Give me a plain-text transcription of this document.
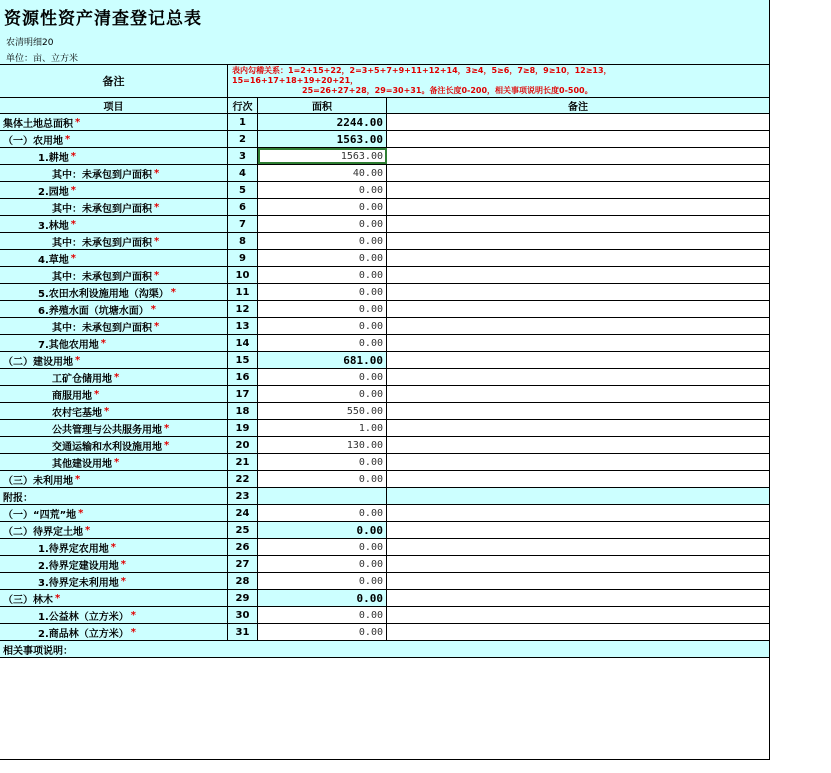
资源性资产清查登记总表
农清明细20
单位：亩、立方米
备注
表内勾稽关系：1=2+15+22，2=3+5+7+9+11+12+14，3≥4，5≥6，7≥8，9≥10，12≥13，
15=16+17+18+19+20+21，
25=26+27+28，29=30+31。备注长度0-200，相关事项说明长度0-500。
项目	行次	面积	备注
集体土地总面积 *	1	2244.00
（一）农用地 *	2	1563.00
1.耕地 *	3	1563.00
其中：未承包到户面积 *	4	40.00
2.园地 *	5	0.00
其中：未承包到户面积 *	6	0.00
3.林地 *	7	0.00
其中：未承包到户面积 *	8	0.00
4.草地 *	9	0.00
其中：未承包到户面积 *	10	0.00
5.农田水利设施用地（沟渠） *	11	0.00
6.养殖水面（坑塘水面） *	12	0.00
其中：未承包到户面积 *	13	0.00
7.其他农用地 *	14	0.00
（二）建设用地 *	15	681.00
工矿仓储用地 *	16	0.00
商服用地 *	17	0.00
农村宅基地 *	18	550.00
公共管理与公共服务用地 *	19	1.00
交通运输和水利设施用地 *	20	130.00
其他建设用地 *	21	0.00
（三）未利用地 *	22	0.00
附报：	23
（一）“四荒”地 *	24	0.00
（二）待界定土地 *	25	0.00
1.待界定农用地 *	26	0.00
2.待界定建设用地 *	27	0.00
3.待界定未利用地 *	28	0.00
（三）林木 *	29	0.00
1.公益林（立方米） *	30	0.00
2.商品林（立方米） *	31	0.00
相关事项说明：
